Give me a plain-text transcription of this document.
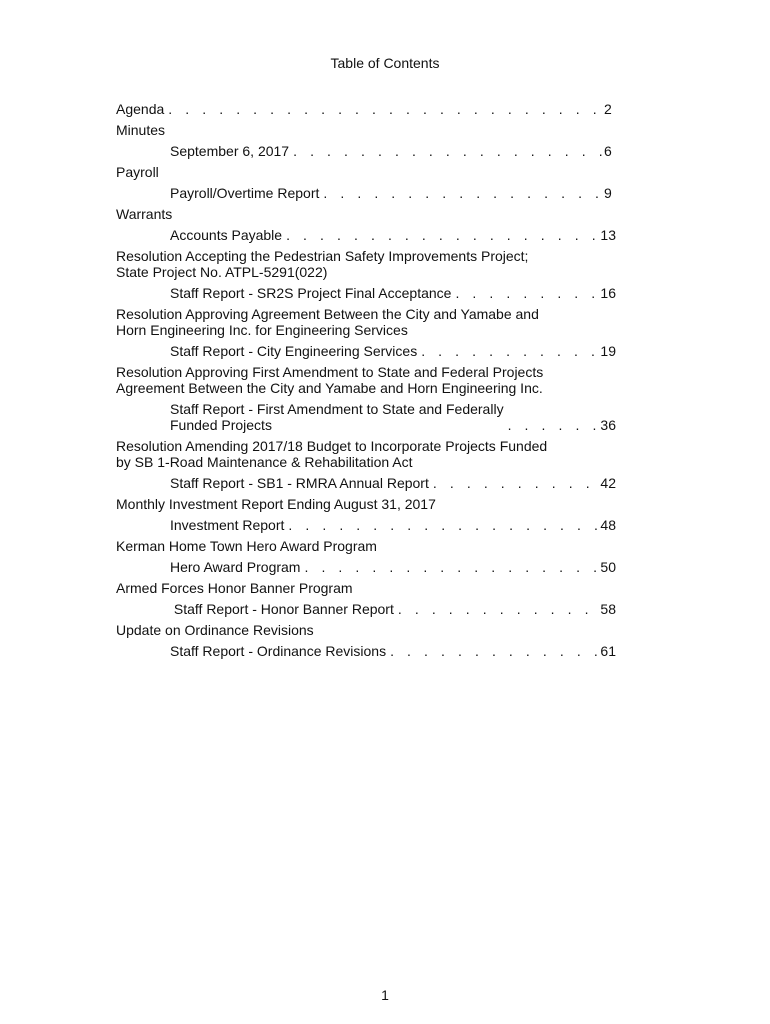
Table of Contents
Agenda . . .	2
Minutes
September 6, 2017 . . .	6
Payroll
Payroll/Overtime Report . . .	9
Warrants
Accounts Payable . . .	13
Resolution Accepting the Pedestrian Safety Improvements Project; State Project No. ATPL-5291(022)
Staff Report - SR2S Project Final Acceptance . . .	16
Resolution Approving Agreement Between the City and Yamabe and Horn Engineering Inc. for Engineering Services
Staff Report - City Engineering Services . . .	19
Resolution Approving First Amendment to State and Federal Projects Agreement Between the City and Yamabe and Horn Engineering Inc.
Staff Report - First Amendment to State and Federally
Funded Projects . . .	36
Resolution Amending 2017/18 Budget to Incorporate Projects Funded by SB 1-Road Maintenance & Rehabilitation Act
Staff Report - SB1 - RMRA Annual Report . . .	42
Monthly Investment Report Ending August 31, 2017
Investment Report . . .	48
Kerman Home Town Hero Award Program
Hero Award Program . . .	50
Armed Forces Honor Banner Program
Staff Report - Honor Banner Report . . .	58
Update on Ordinance Revisions
Staff Report - Ordinance Revisions . . .	61
1
